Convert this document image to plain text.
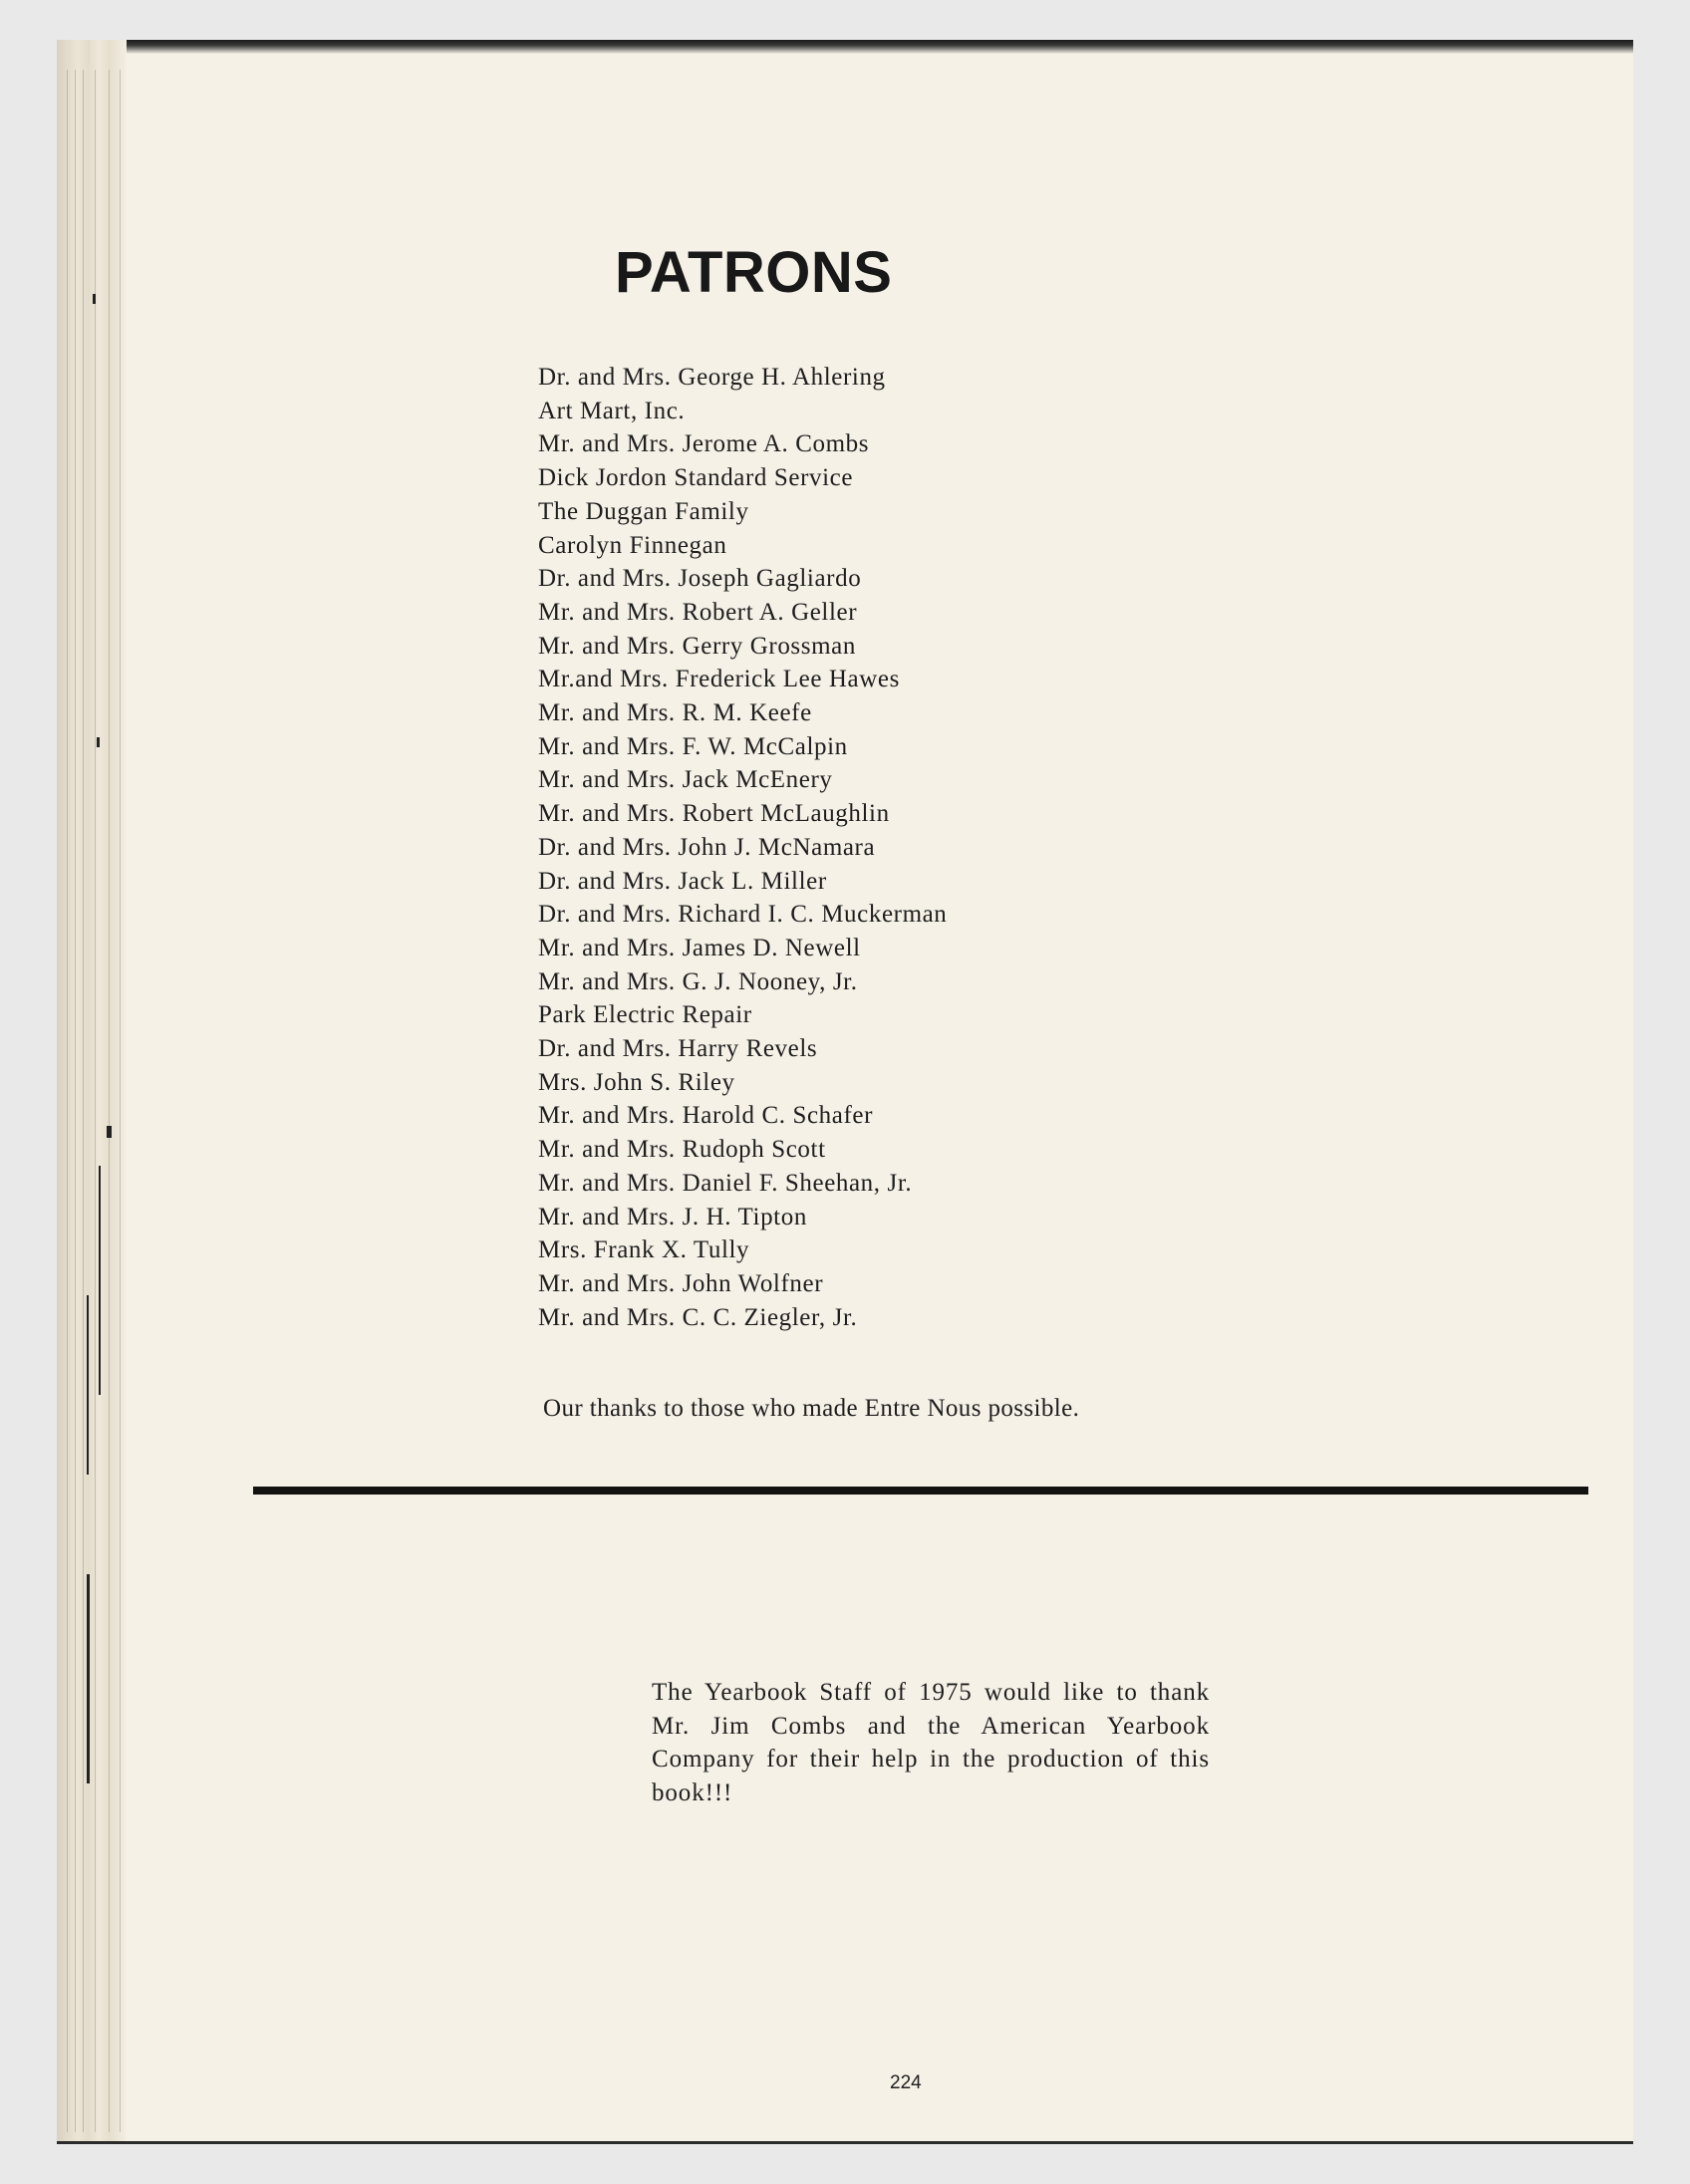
PATRONS
Dr. and Mrs. George H. Ahlering
Art Mart, Inc.
Mr. and Mrs. Jerome A. Combs
Dick Jordon Standard Service
The Duggan Family
Carolyn Finnegan
Dr. and Mrs. Joseph Gagliardo
Mr. and Mrs. Robert A. Geller
Mr. and Mrs. Gerry Grossman
Mr.and Mrs. Frederick Lee Hawes
Mr. and Mrs. R. M. Keefe
Mr. and Mrs. F. W. McCalpin
Mr. and Mrs. Jack McEnery
Mr. and Mrs. Robert McLaughlin
Dr. and Mrs. John J. McNamara
Dr. and Mrs. Jack L. Miller
Dr. and Mrs. Richard I. C. Muckerman
Mr. and Mrs. James D. Newell
Mr. and Mrs. G. J. Nooney, Jr.
Park Electric Repair
Dr. and Mrs. Harry Revels
Mrs. John S. Riley
Mr. and Mrs. Harold C. Schafer
Mr. and Mrs. Rudoph Scott
Mr. and Mrs. Daniel F. Sheehan, Jr.
Mr. and Mrs. J. H. Tipton
Mrs. Frank X. Tully
Mr. and Mrs. John Wolfner
Mr. and Mrs. C. C. Ziegler, Jr.

Our thanks to those who made Entre Nous possible.

The Yearbook Staff of 1975 would like to thank Mr. Jim Combs and the American Yearbook Company for their help in the production of this book!!!

224
